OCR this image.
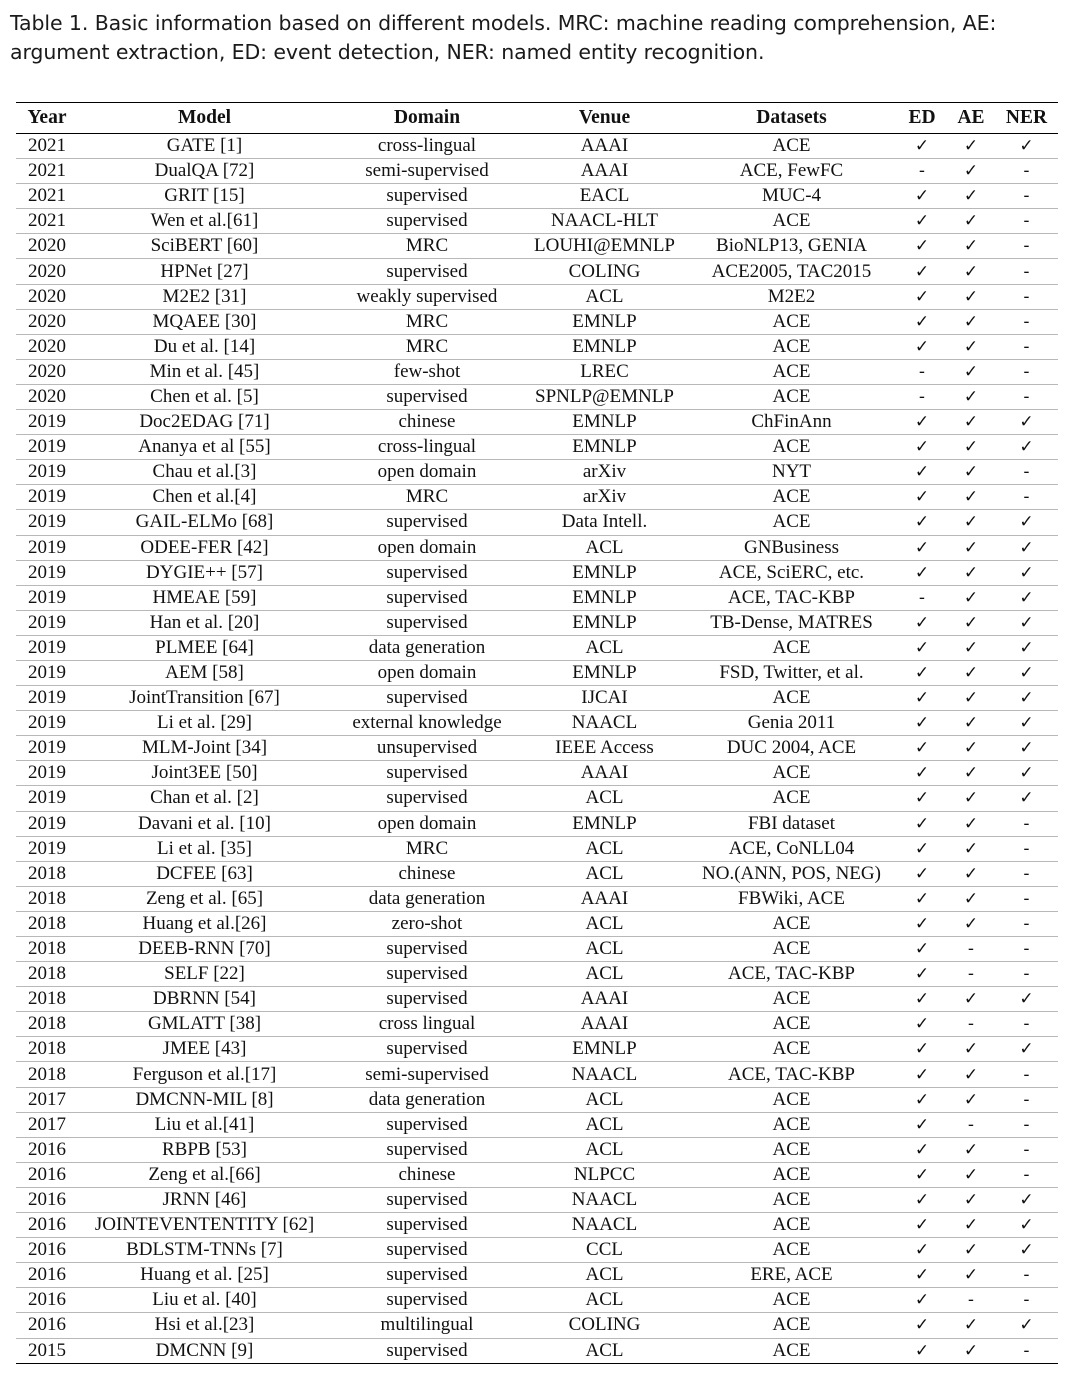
Table 1. Basic information based on different models. MRC: machine reading comprehension, AE: argument extraction, ED: event detection, NER: named entity recognition.
Year	Model	Domain	Venue	Datasets	ED	AE	NER
2021	GATE [1]	cross-lingual	AAAI	ACE	✓	✓	✓
2021	DualQA [72]	semi-supervised	AAAI	ACE, FewFC	-	✓	-
2021	GRIT [15]	supervised	EACL	MUC-4	✓	✓	-
2021	Wen et al.[61]	supervised	NAACL-HLT	ACE	✓	✓	-
2020	SciBERT [60]	MRC	LOUHI@EMNLP	BioNLP13, GENIA	✓	✓	-
2020	HPNet [27]	supervised	COLING	ACE2005, TAC2015	✓	✓	-
2020	M2E2 [31]	weakly supervised	ACL	M2E2	✓	✓	-
2020	MQAEE [30]	MRC	EMNLP	ACE	✓	✓	-
2020	Du et al. [14]	MRC	EMNLP	ACE	✓	✓	-
2020	Min et al. [45]	few-shot	LREC	ACE	-	✓	-
2020	Chen et al. [5]	supervised	SPNLP@EMNLP	ACE	-	✓	-
2019	Doc2EDAG [71]	chinese	EMNLP	ChFinAnn	✓	✓	✓
2019	Ananya et al [55]	cross-lingual	EMNLP	ACE	✓	✓	✓
2019	Chau et al.[3]	open domain	arXiv	NYT	✓	✓	-
2019	Chen et al.[4]	MRC	arXiv	ACE	✓	✓	-
2019	GAIL-ELMo [68]	supervised	Data Intell.	ACE	✓	✓	✓
2019	ODEE-FER [42]	open domain	ACL	GNBusiness	✓	✓	✓
2019	DYGIE++ [57]	supervised	EMNLP	ACE, SciERC, etc.	✓	✓	✓
2019	HMEAE [59]	supervised	EMNLP	ACE, TAC-KBP	-	✓	✓
2019	Han et al. [20]	supervised	EMNLP	TB-Dense, MATRES	✓	✓	✓
2019	PLMEE [64]	data generation	ACL	ACE	✓	✓	✓
2019	AEM [58]	open domain	EMNLP	FSD, Twitter, et al.	✓	✓	✓
2019	JointTransition [67]	supervised	IJCAI	ACE	✓	✓	✓
2019	Li et al. [29]	external knowledge	NAACL	Genia 2011	✓	✓	✓
2019	MLM-Joint [34]	unsupervised	IEEE Access	DUC 2004, ACE	✓	✓	✓
2019	Joint3EE [50]	supervised	AAAI	ACE	✓	✓	✓
2019	Chan et al. [2]	supervised	ACL	ACE	✓	✓	✓
2019	Davani et al. [10]	open domain	EMNLP	FBI dataset	✓	✓	-
2019	Li et al. [35]	MRC	ACL	ACE, CoNLL04	✓	✓	-
2018	DCFEE [63]	chinese	ACL	NO.(ANN, POS, NEG)	✓	✓	-
2018	Zeng et al. [65]	data generation	AAAI	FBWiki, ACE	✓	✓	-
2018	Huang et al.[26]	zero-shot	ACL	ACE	✓	✓	-
2018	DEEB-RNN [70]	supervised	ACL	ACE	✓	-	-
2018	SELF [22]	supervised	ACL	ACE, TAC-KBP	✓	-	-
2018	DBRNN [54]	supervised	AAAI	ACE	✓	✓	✓
2018	GMLATT [38]	cross lingual	AAAI	ACE	✓	-	-
2018	JMEE [43]	supervised	EMNLP	ACE	✓	✓	✓
2018	Ferguson et al.[17]	semi-supervised	NAACL	ACE, TAC-KBP	✓	✓	-
2017	DMCNN-MIL [8]	data generation	ACL	ACE	✓	✓	-
2017	Liu et al.[41]	supervised	ACL	ACE	✓	-	-
2016	RBPB [53]	supervised	ACL	ACE	✓	✓	-
2016	Zeng et al.[66]	chinese	NLPCC	ACE	✓	✓	-
2016	JRNN [46]	supervised	NAACL	ACE	✓	✓	✓
2016	JOINTEVENTENTITY [62]	supervised	NAACL	ACE	✓	✓	✓
2016	BDLSTM-TNNs [7]	supervised	CCL	ACE	✓	✓	✓
2016	Huang et al. [25]	supervised	ACL	ERE, ACE	✓	✓	-
2016	Liu et al. [40]	supervised	ACL	ACE	✓	-	-
2016	Hsi et al.[23]	multilingual	COLING	ACE	✓	✓	✓
2015	DMCNN [9]	supervised	ACL	ACE	✓	✓	-
